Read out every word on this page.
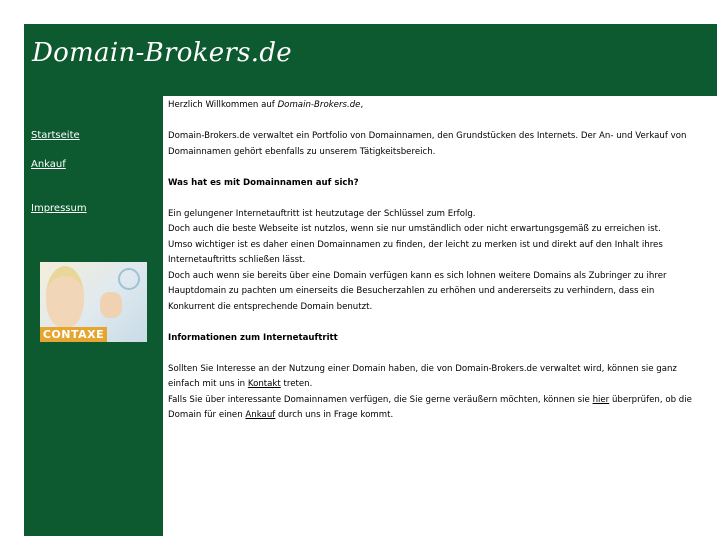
Domain-Brokers.de
Startseite
Ankauf
Impressum
CONTAXE

Herzlich Willkommen auf Domain-Brokers.de,

Domain-Brokers.de verwaltet ein Portfolio von Domainnamen, den Grundstücken des Internets. Der An- und Verkauf von
Domainnamen gehört ebenfalls zu unserem Tätigkeitsbereich.

Was hat es mit Domainnamen auf sich?

Ein gelungener Internetauftritt ist heutzutage der Schlüssel zum Erfolg.
Doch auch die beste Webseite ist nutzlos, wenn sie nur umständlich oder nicht erwartungsgemäß zu erreichen ist.
Umso wichtiger ist es daher einen Domainnamen zu finden, der leicht zu merken ist und direkt auf den Inhalt ihres
Internetauftritts schließen lässt.
Doch auch wenn sie bereits über eine Domain verfügen kann es sich lohnen weitere Domains als Zubringer zu ihrer
Hauptdomain zu pachten um einerseits die Besucherzahlen zu erhöhen und andererseits zu verhindern, dass ein
Konkurrent die entsprechende Domain benutzt.

Informationen zum Internetauftritt

Sollten Sie Interesse an der Nutzung einer Domain haben, die von Domain-Brokers.de verwaltet wird, können sie ganz
einfach mit uns in Kontakt treten.
Falls Sie über interessante Domainnamen verfügen, die Sie gerne veräußern möchten, können sie hier überprüfen, ob die
Domain für einen Ankauf durch uns in Frage kommt.
